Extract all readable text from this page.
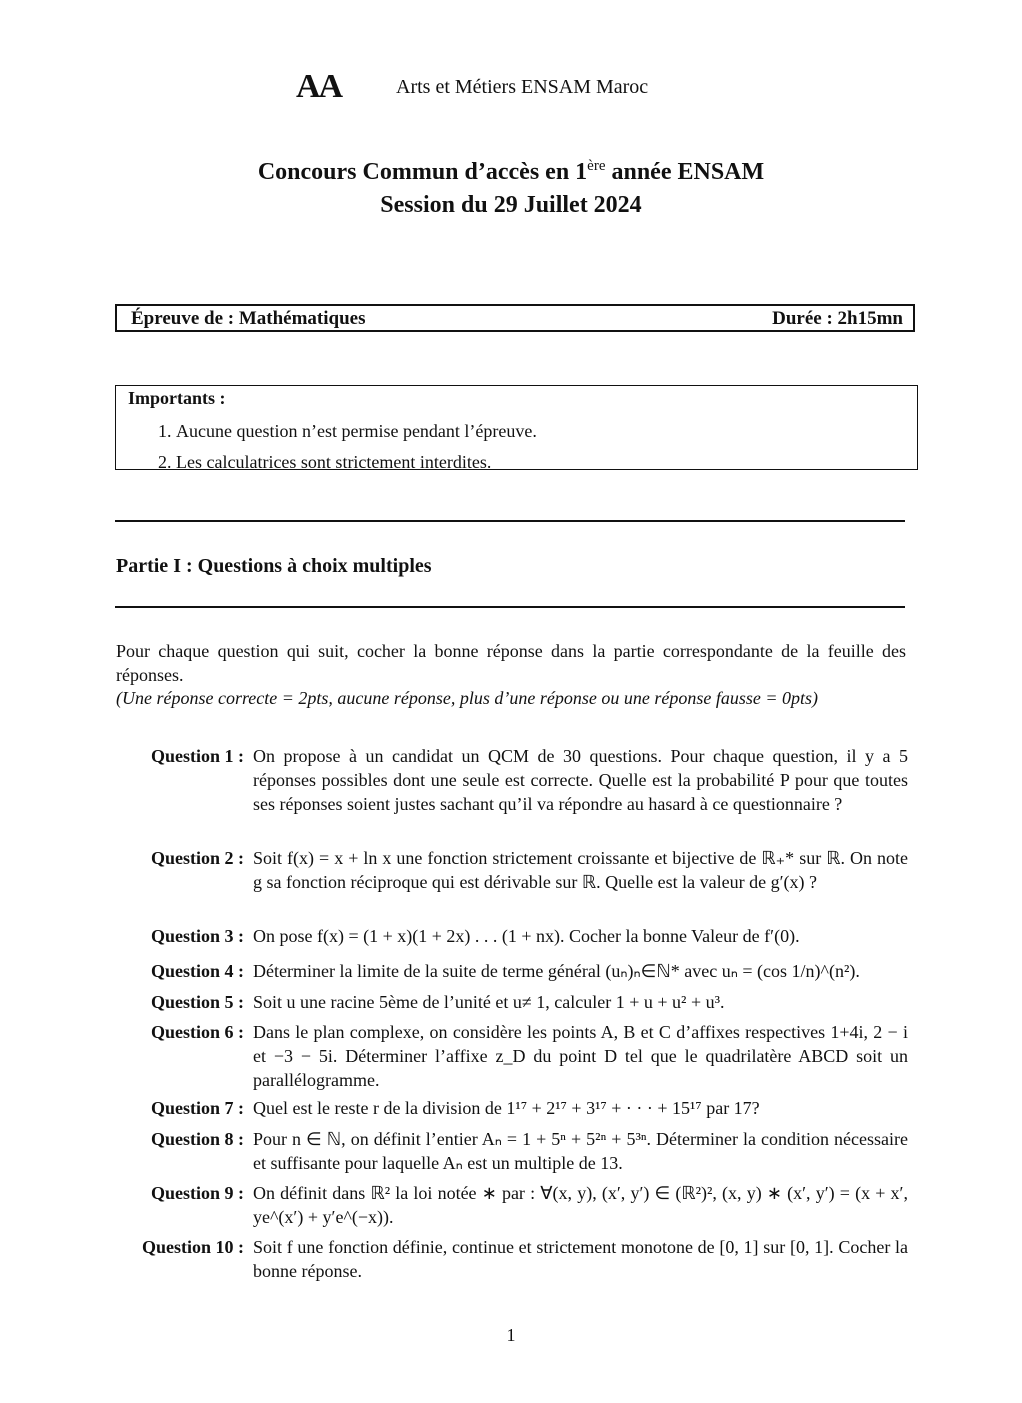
AA	Arts et Métiers ENSAM Maroc
Concours Commun d’accès en 1ère année ENSAM
Session du 29 Juillet 2024
Épreuve de : Mathématiques	Durée : 2h15mn
Importants :
1. Aucune question n’est permise pendant l’épreuve.
2. Les calculatrices sont strictement interdites.
Partie I : Questions à choix multiples
Pour chaque question qui suit, cocher la bonne réponse dans la partie correspondante de la feuille des réponses.
(Une réponse correcte = 2pts, aucune réponse, plus d’une réponse ou une réponse fausse = 0pts)
Question 1 : On propose à un candidat un QCM de 30 questions. Pour chaque question, il y a 5 réponses possibles dont une seule est correcte. Quelle est la probabilité P pour que toutes ses réponses soient justes sachant qu’il va répondre au hasard à ce questionnaire ?
Question 2 : Soit f(x) = x + ln x une fonction strictement croissante et bijective de ℝ₊* sur ℝ. On note g sa fonction réciproque qui est dérivable sur ℝ. Quelle est la valeur de g′(x) ?
Question 3 : On pose f(x) = (1 + x)(1 + 2x) . . . (1 + nx). Cocher la bonne Valeur de f′(0).
Question 4 : Déterminer la limite de la suite de terme général (uₙ)ₙ∈ℕ* avec uₙ = (cos 1/n)^(n²).
Question 5 : Soit u une racine 5ème de l’unité et u≠ 1, calculer 1 + u + u² + u³.
Question 6 : Dans le plan complexe, on considère les points A, B et C d’affixes respectives 1+4i, 2 − i et −3 − 5i. Déterminer l’affixe z_D du point D tel que le quadrilatère ABCD soit un parallélogramme.
Question 7 : Quel est le reste r de la division de 1¹⁷ + 2¹⁷ + 3¹⁷ + · · · + 15¹⁷ par 17?
Question 8 : Pour n ∈ ℕ, on définit l’entier Aₙ = 1 + 5ⁿ + 5²ⁿ + 5³ⁿ. Déterminer la condition nécessaire et suffisante pour laquelle Aₙ est un multiple de 13.
Question 9 : On définit dans ℝ² la loi notée ∗ par : ∀(x, y), (x′, y′) ∈ (ℝ²)², (x, y) ∗ (x′, y′) = (x + x′, ye^(x′) + y′e^(−x)).
Question 10 : Soit f une fonction définie, continue et strictement monotone de [0, 1] sur [0, 1]. Cocher la bonne réponse.
1
